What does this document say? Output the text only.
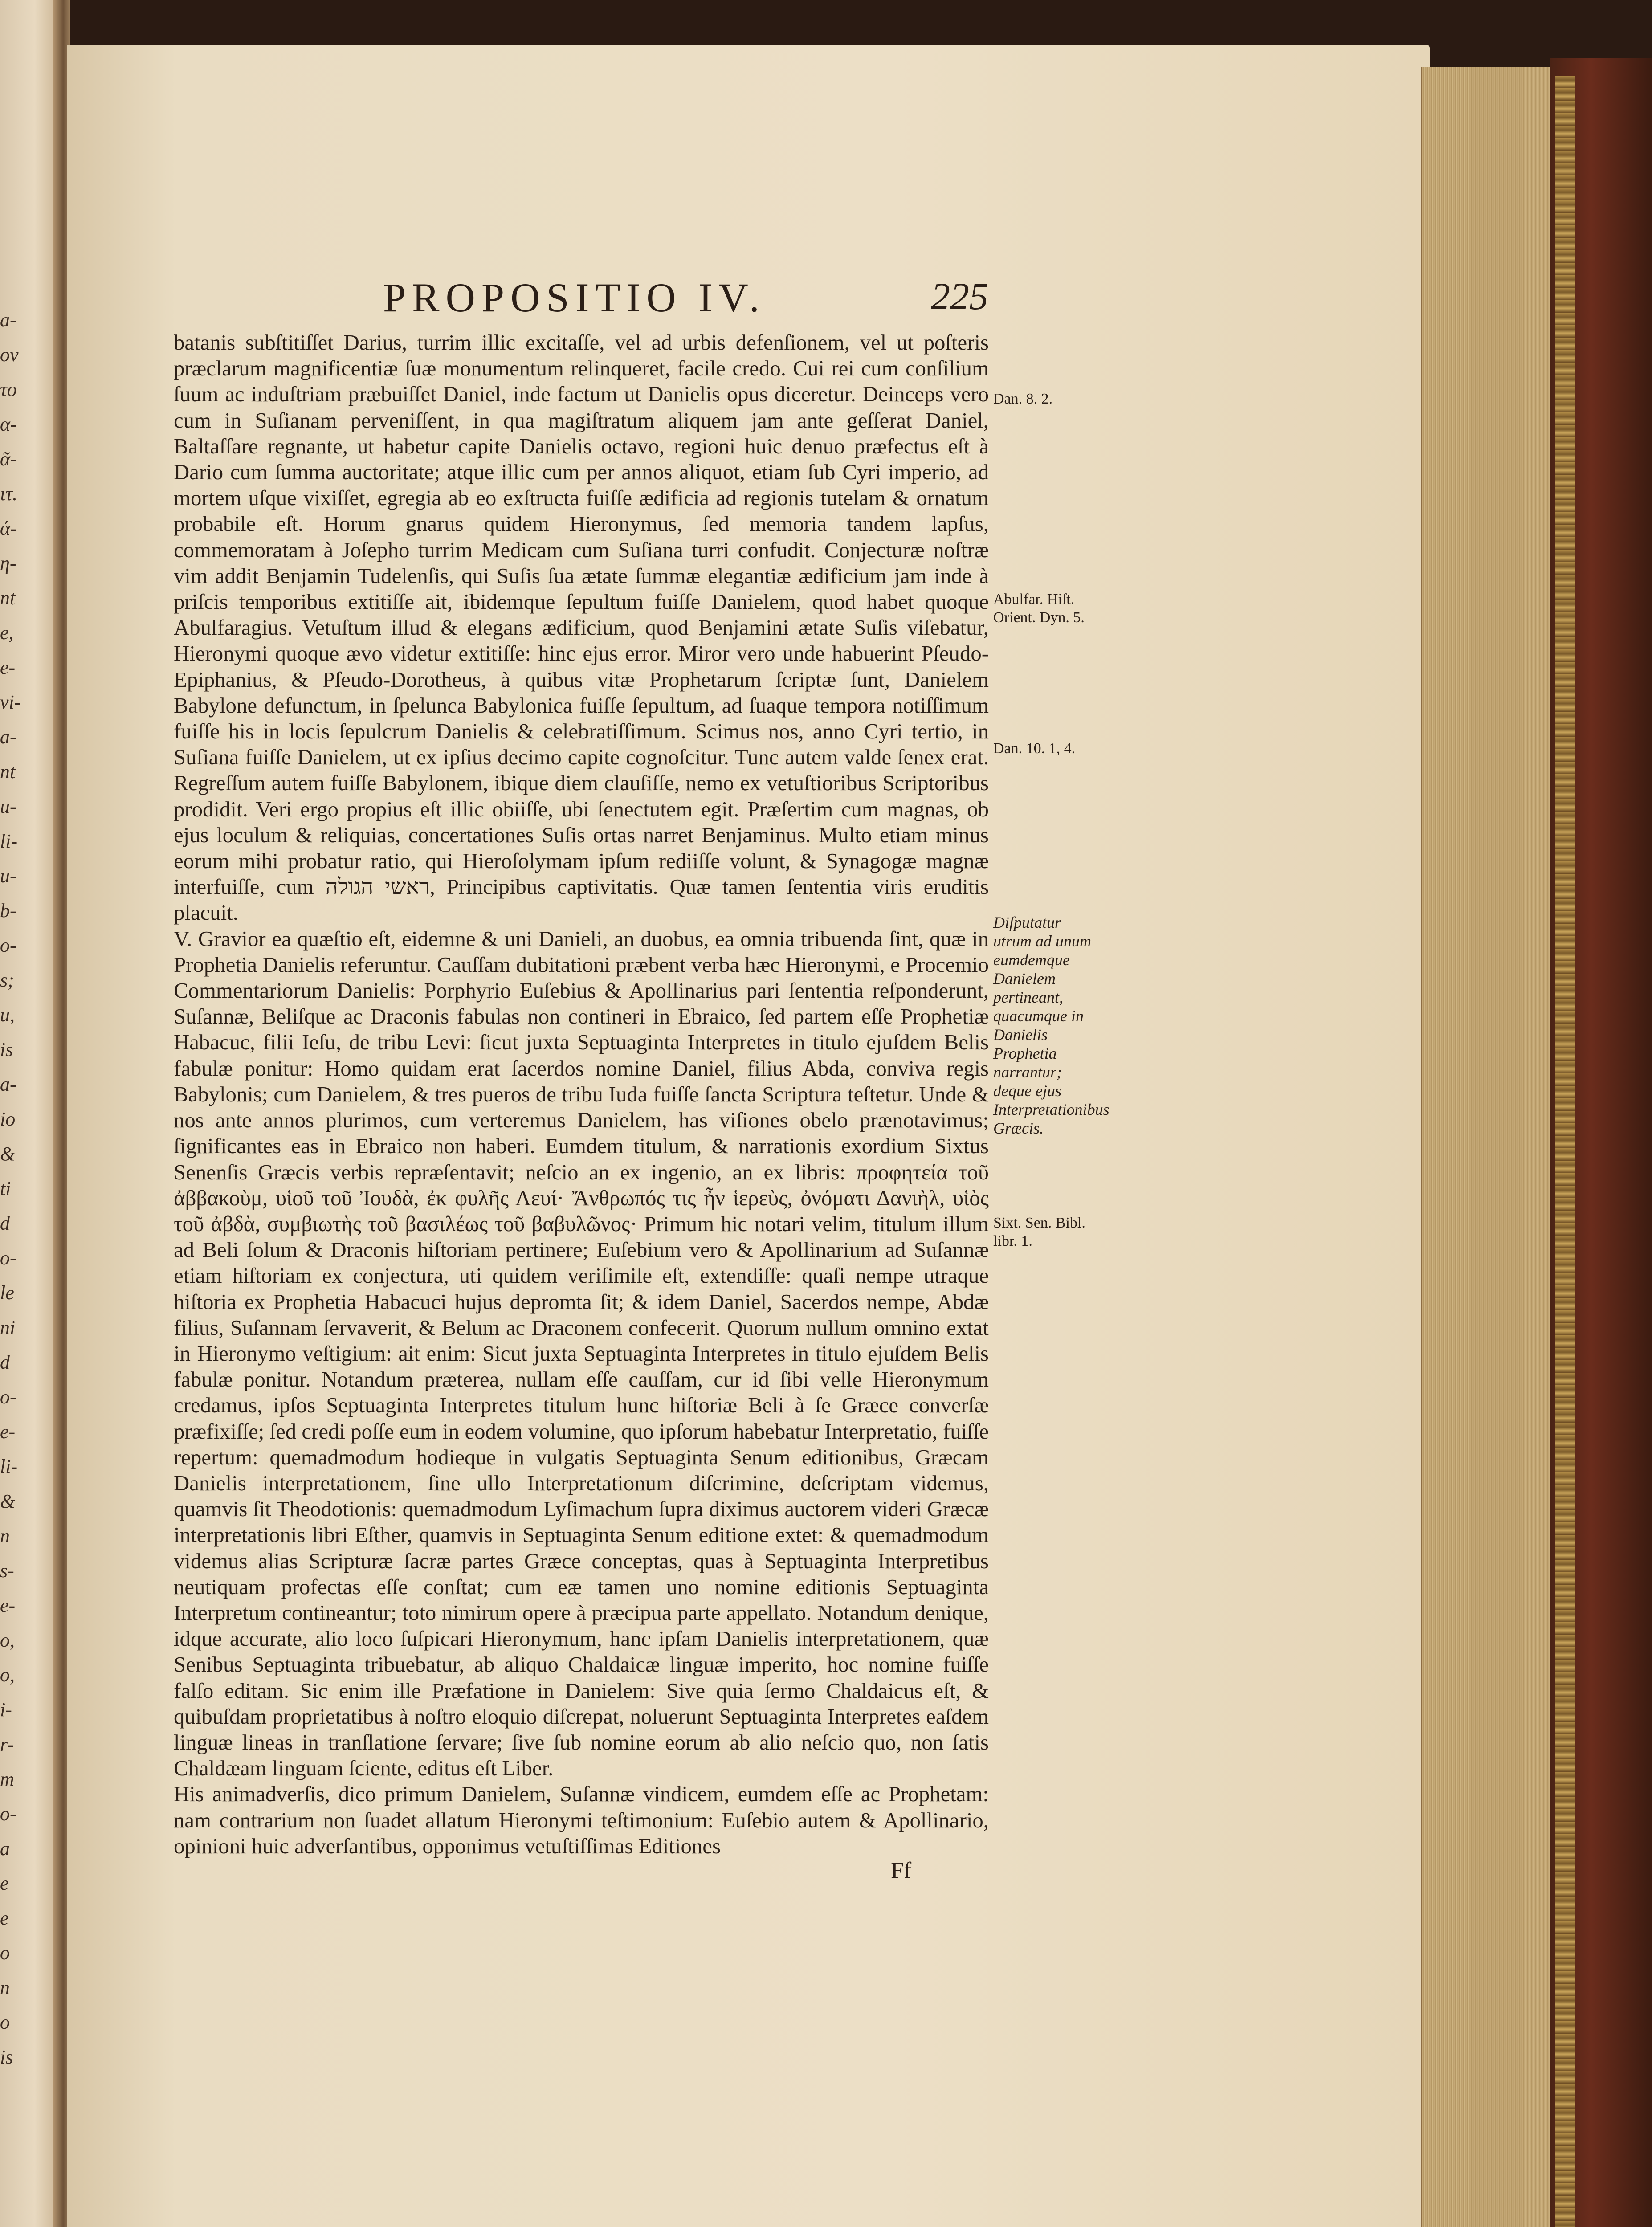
a-
ov
το
α-
ᾶ-
ιτ.
ά-
η-
nt
e,
e-
vi-
a-
nt
u-
li-
u-
b-
o-
s;
u,
is
a-
io
&
ti
d
o-
le
ni
d
o-
e-
li-
&
n
s-
e-
o,
o,
i-
r-
m
o-
a
e
e
o
n
o
is
PROPOSITIO IV.	225

batanis subſtitiſſet Darius, turrim illic excitaſſe, vel ad urbis defenſionem, vel ut poſteris præclarum magnificentiæ ſuæ monumentum relinqueret, facile credo. Cui rei cum conſilium ſuum ac induſtriam præbuiſſet Daniel, inde factum ut Danielis opus diceretur. Deinceps vero cum in Suſianam perveniſſent, in qua magiſtratum aliquem jam ante geſſerat Daniel, Baltaſſare regnante, ut habetur capite Danielis octavo, regioni huic denuo præfectus eſt à Dario cum ſumma auctoritate; atque illic cum per annos aliquot, etiam ſub Cyri imperio, ad mortem uſque vixiſſet, egregia ab eo exſtructa fuiſſe ædificia ad regionis tutelam & ornatum probabile eſt. Horum gnarus quidem Hieronymus, ſed memoria tandem lapſus, commemoratam à Joſepho turrim Medicam cum Suſiana turri confudit. Conjecturæ noſtræ vim addit Benjamin Tudelenſis, qui Suſis ſua ætate ſummæ elegantiæ ædificium jam inde à priſcis temporibus extitiſſe ait, ibidemque ſepultum fuiſſe Danielem, quod habet quoque Abulfaragius. Vetuſtum illud & elegans ædificium, quod Benjamini ætate Suſis viſebatur, Hieronymi quoque ævo videtur extitiſſe: hinc ejus error. Miror vero unde habuerint Pſeudo-Epiphanius, & Pſeudo-Dorotheus, à quibus vitæ Prophetarum ſcriptæ ſunt, Danielem Babylone defunctum, in ſpelunca Babylonica fuiſſe ſepultum, ad ſuaque tempora notiſſimum fuiſſe his in locis ſepulcrum Danielis & celebratiſſimum. Scimus nos, anno Cyri tertio, in Suſiana fuiſſe Danielem, ut ex ipſius decimo capite cognoſcitur. Tunc autem valde ſenex erat. Regreſſum autem fuiſſe Babylonem, ibique diem clauſiſſe, nemo ex vetuſtioribus Scriptoribus prodidit. Veri ergo propius eſt illic obiiſſe, ubi ſenectutem egit. Præſertim cum magnas, ob ejus loculum & reliquias, concertationes Suſis ortas narret Benjaminus. Multo etiam minus eorum mihi probatur ratio, qui Hieroſolymam ipſum rediiſſe volunt, & Synagogæ magnæ interfuiſſe, cum ראשי הגולה, Principibus captivitatis. Quæ tamen ſententia viris eruditis placuit.

V. Gravior ea quæſtio eſt, eidemne & uni Danieli, an duobus, ea omnia tribuenda ſint, quæ in Prophetia Danielis referuntur. Cauſſam dubitationi præbent verba hæc Hieronymi, e Procemio Commentariorum Danielis: Porphyrio Euſebius & Apollinarius pari ſententia reſponderunt, Suſannæ, Beliſque ac Draconis fabulas non contineri in Ebraico, ſed partem eſſe Prophetiæ Habacuc, filii Ieſu, de tribu Levi: ſicut juxta Septuaginta Interpretes in titulo ejuſdem Belis fabulæ ponitur: Homo quidam erat ſacerdos nomine Daniel, filius Abda, conviva regis Babylonis; cum Danielem, & tres pueros de tribu Iuda fuiſſe ſancta Scriptura teſtetur. Unde & nos ante annos plurimos, cum verteremus Danielem, has viſiones obelo prænotavimus; ſignificantes eas in Ebraico non haberi. Eumdem titulum, & narrationis exordium Sixtus Senenſis Græcis verbis repræſentavit; neſcio an ex ingenio, an ex libris: προφητεία τοῦ ἀββακοὺμ, υἱοῦ τοῦ Ἰουδὰ, ἐκ φυλῆς Λευί· Ἄνθρωπός τις ἦν ἱερεὺς, ὀνόματι Δανιὴλ, υἱὸς τοῦ ἀβδὰ, συμβιωτὴς τοῦ βασιλέως τοῦ βαβυλῶνος· Primum hic notari velim, titulum illum ad Beli ſolum & Draconis hiſtoriam pertinere; Euſebium vero & Apollinarium ad Suſannæ etiam hiſtoriam ex conjectura, uti quidem veriſimile eſt, extendiſſe: quaſi nempe utraque hiſtoria ex Prophetia Habacuci hujus depromta ſit; & idem Daniel, Sacerdos nempe, Abdæ filius, Suſannam ſervaverit, & Belum ac Draconem confecerit. Quorum nullum omnino extat in Hieronymo veſtigium: ait enim: Sicut juxta Septuaginta Interpretes in titulo ejuſdem Belis fabulæ ponitur. Notandum præterea, nullam eſſe cauſſam, cur id ſibi velle Hieronymum credamus, ipſos Septuaginta Interpretes titulum hunc hiſtoriæ Beli à ſe Græce converſæ præfixiſſe; ſed credi poſſe eum in eodem volumine, quo ipſorum habebatur Interpretatio, fuiſſe repertum: quemadmodum hodieque in vulgatis Septuaginta Senum editionibus, Græcam Danielis interpretationem, ſine ullo Interpretationum diſcrimine, deſcriptam videmus, quamvis ſit Theodotionis: quemadmodum Lyſimachum ſupra diximus auctorem videri Græcæ interpretationis libri Eſther, quamvis in Septuaginta Senum editione extet: & quemadmodum videmus alias Scripturæ ſacræ partes Græce conceptas, quas à Septuaginta Interpretibus neutiquam profectas eſſe conſtat; cum eæ tamen uno nomine editionis Septuaginta Interpretum contineantur; toto nimirum opere à præcipua parte appellato. Notandum denique, idque accurate, alio loco ſuſpicari Hieronymum, hanc ipſam Danielis interpretationem, quæ Senibus Septuaginta tribuebatur, ab aliquo Chaldaicæ linguæ imperito, hoc nomine fuiſſe falſo editam. Sic enim ille Præfatione in Danielem: Sive quia ſermo Chaldaicus eſt, & quibuſdam proprietatibus à noſtro eloquio diſcrepat, noluerunt Septuaginta Interpretes eaſdem linguæ lineas in tranſlatione ſervare; ſive ſub nomine eorum ab alio neſcio quo, non ſatis Chaldæam linguam ſciente, editus eſt Liber.

His animadverſis, dico primum Danielem, Suſannæ vindicem, eumdem eſſe ac Prophetam: nam contrarium non ſuadet allatum Hieronymi teſtimonium: Euſebio autem & Apollinario, opinioni huic adverſantibus, opponimus vetuſtiſſimas Editiones

Ff
Dan. 8. 2.
Abulfar. Hiſt. Orient. Dyn. 5.
Dan. 10. 1, 4.
Diſputatur utrum ad unum eumdemque Danielem pertineant, quacumque in Danielis Prophetia narrantur; deque ejus Interpretationibus Græcis.
Sixt. Sen. Bibl. libr. 1.
